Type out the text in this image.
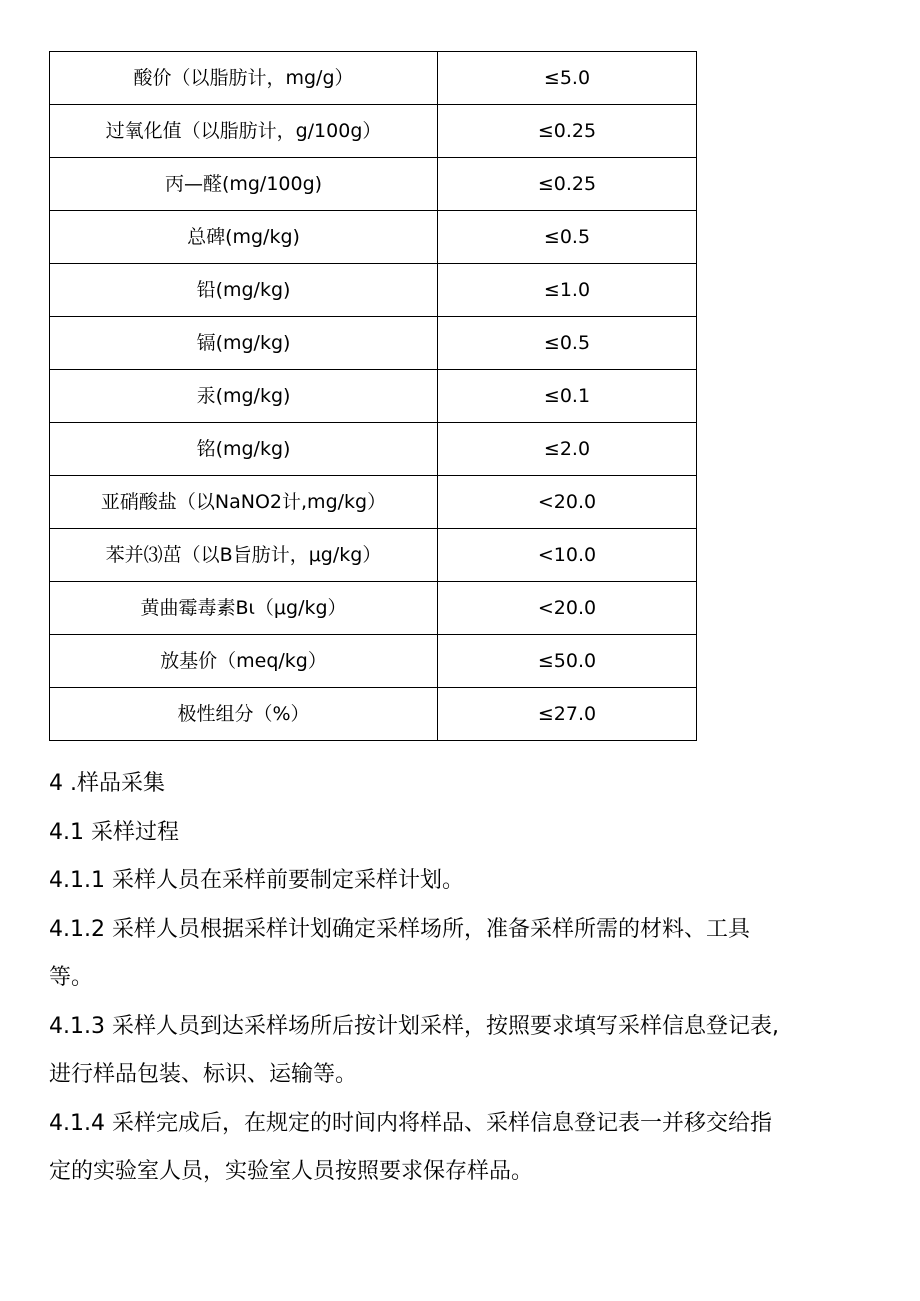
酸价（以脂肪计，mg∕g）	≤5.0
过氧化值（以脂肪计，g/100g）	≤0.25
丙—醛(mg∕100g)	≤0.25
总碑(mg∕kg)	≤0.5
铅(mg∕kg)	≤1.0
镉(mg∕kg)	≤0.5
汞(mg∕kg)	≤0.1
铭(mg∕kg)	≤2.0
亚硝酸盐（以NaNO2计,mg∕kg）	<20.0
苯并⑶茁（以B旨肪计，μg∕kg）	<10.0
黄曲霉毒素Bι（μg∕kg）	<20.0
放基价（meq∕kg）	≤50.0
极性组分（%）	≤27.0

4 .样品采集

4.1 采样过程

4.1.1 采样人员在采样前要制定采样计划。

4.1.2 采样人员根据采样计划确定采样场所，准备采样所需的材料、工具
等。

4.1.3 采样人员到达采样场所后按计划采样，按照要求填写采样信息登记表,
进行样品包装、标识、运输等。

4.1.4 采样完成后，在规定的时间内将样品、采样信息登记表一并移交给指
定的实验室人员，实验室人员按照要求保存样品。
